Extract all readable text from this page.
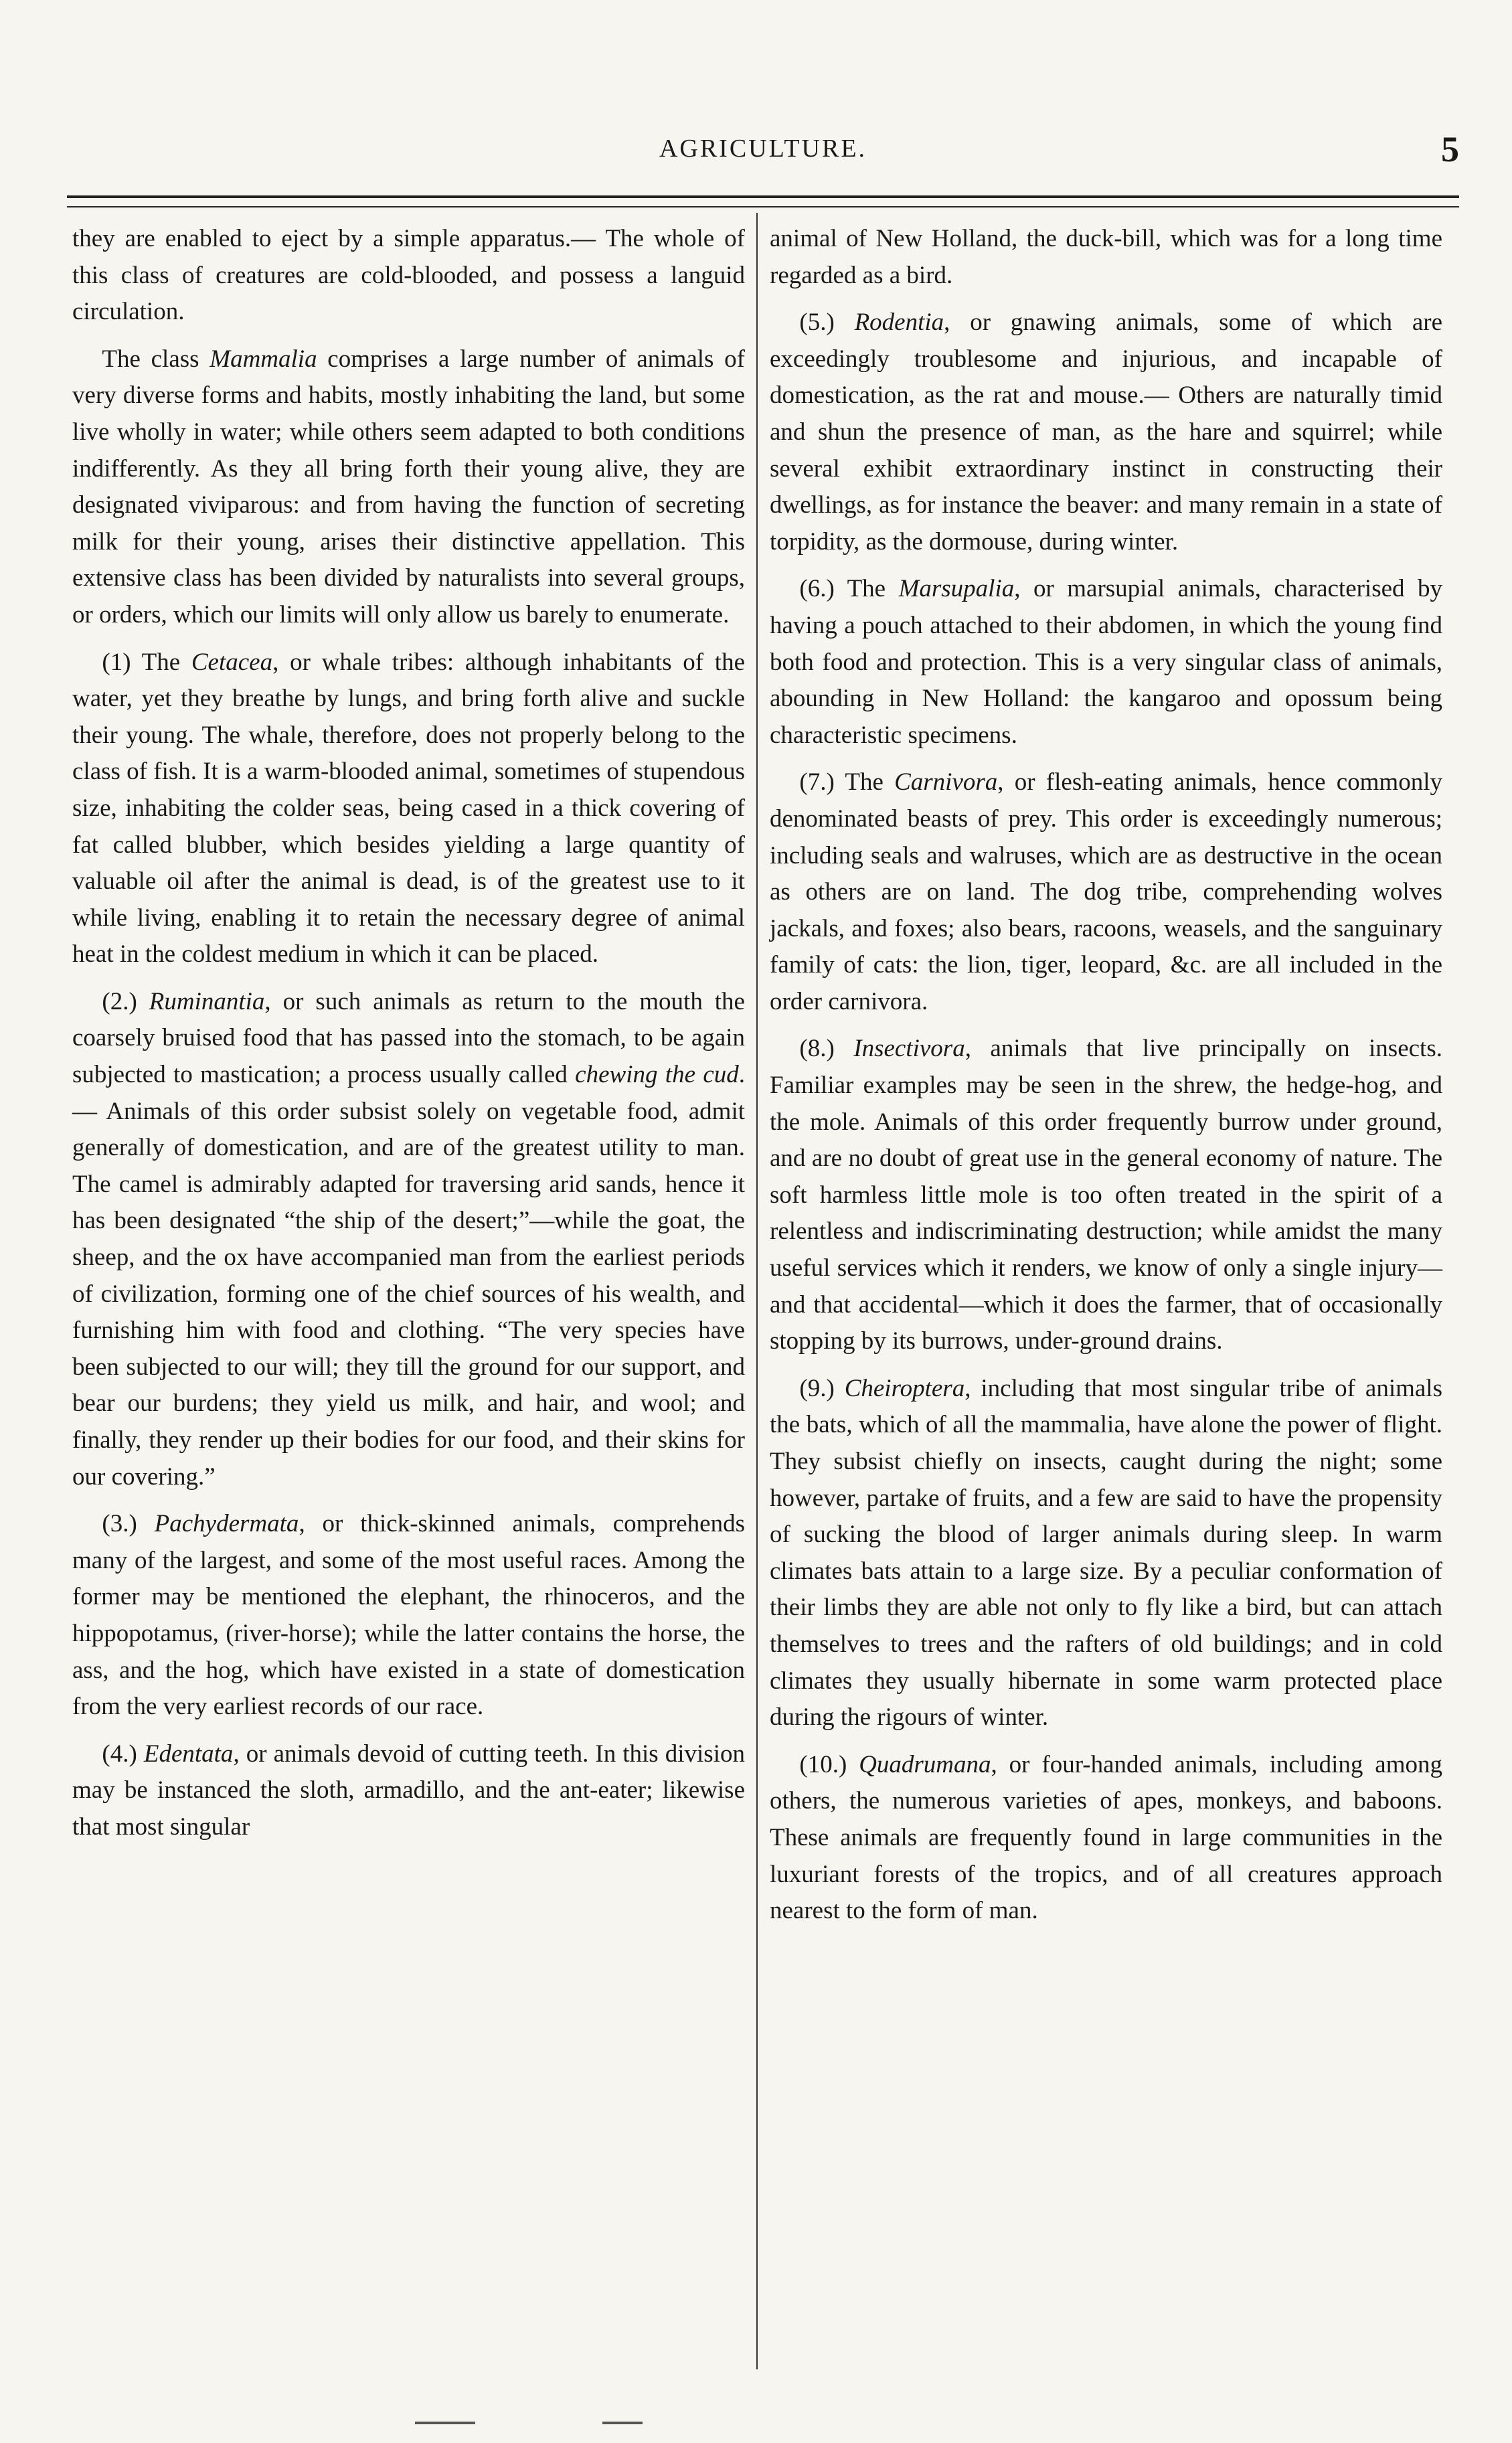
AGRICULTURE.	5

they are enabled to eject by a simple apparatus.— The whole of this class of creatures are cold-blooded, and possess a languid circulation.

The class Mammalia comprises a large number of animals of very diverse forms and habits, mostly inhabiting the land, but some live wholly in water; while others seem adapted to both conditions indifferently. As they all bring forth their young alive, they are designated viviparous: and from having the function of secreting milk for their young, arises their distinctive appellation. This extensive class has been divided by naturalists into several groups, or orders, which our limits will only allow us barely to enumerate.

(1) The Cetacea, or whale tribes: although inhabitants of the water, yet they breathe by lungs, and bring forth alive and suckle their young. The whale, therefore, does not properly belong to the class of fish. It is a warm-blooded animal, sometimes of stupendous size, inhabiting the colder seas, being cased in a thick covering of fat called blubber, which besides yielding a large quantity of valuable oil after the animal is dead, is of the greatest use to it while living, enabling it to retain the necessary degree of animal heat in the coldest medium in which it can be placed.

(2.) Ruminantia, or such animals as return to the mouth the coarsely bruised food that has passed into the stomach, to be again subjected to mastication; a process usually called chewing the cud.— Animals of this order subsist solely on vegetable food, admit generally of domestication, and are of the greatest utility to man. The camel is admirably adapted for traversing arid sands, hence it has been designated “the ship of the desert;”—while the goat, the sheep, and the ox have accompanied man from the earliest periods of civilization, forming one of the chief sources of his wealth, and furnishing him with food and clothing. “The very species have been subjected to our will; they till the ground for our support, and bear our burdens; they yield us milk, and hair, and wool; and finally, they render up their bodies for our food, and their skins for our covering.”

(3.) Pachydermata, or thick-skinned animals, comprehends many of the largest, and some of the most useful races. Among the former may be mentioned the elephant, the rhinoceros, and the hippopotamus, (river-horse); while the latter contains the horse, the ass, and the hog, which have existed in a state of domestication from the very earliest records of our race.

(4.) Edentata, or animals devoid of cutting teeth. In this division may be instanced the sloth, armadillo, and the ant-eater; likewise that most singular

animal of New Holland, the duck-bill, which was for a long time regarded as a bird.

(5.) Rodentia, or gnawing animals, some of which are exceedingly troublesome and injurious, and incapable of domestication, as the rat and mouse.— Others are naturally timid and shun the presence of man, as the hare and squirrel; while several exhibit extraordinary instinct in constructing their dwellings, as for instance the beaver: and many remain in a state of torpidity, as the dormouse, during winter.

(6.) The Marsupalia, or marsupial animals, characterised by having a pouch attached to their abdomen, in which the young find both food and protection. This is a very singular class of animals, abounding in New Holland: the kangaroo and opossum being characteristic specimens.

(7.) The Carnivora, or flesh-eating animals, hence commonly denominated beasts of prey. This order is exceedingly numerous; including seals and walruses, which are as destructive in the ocean as others are on land. The dog tribe, comprehending wolves jackals, and foxes; also bears, racoons, weasels, and the sanguinary family of cats: the lion, tiger, leopard, &c. are all included in the order carnivora.

(8.) Insectivora, animals that live principally on insects. Familiar examples may be seen in the shrew, the hedge-hog, and the mole. Animals of this order frequently burrow under ground, and are no doubt of great use in the general economy of nature. The soft harmless little mole is too often treated in the spirit of a relentless and indiscriminating destruction; while amidst the many useful services which it renders, we know of only a single injury—and that accidental—which it does the farmer, that of occasionally stopping by its burrows, under-ground drains.

(9.) Cheiroptera, including that most singular tribe of animals the bats, which of all the mammalia, have alone the power of flight. They subsist chiefly on insects, caught during the night; some however, partake of fruits, and a few are said to have the propensity of sucking the blood of larger animals during sleep. In warm climates bats attain to a large size. By a peculiar conformation of their limbs they are able not only to fly like a bird, but can attach themselves to trees and the rafters of old buildings; and in cold climates they usually hibernate in some warm protected place during the rigours of winter.

(10.) Quadrumana, or four-handed animals, including among others, the numerous varieties of apes, monkeys, and baboons. These animals are frequently found in large communities in the luxuriant forests of the tropics, and of all creatures approach nearest to the form of man.
